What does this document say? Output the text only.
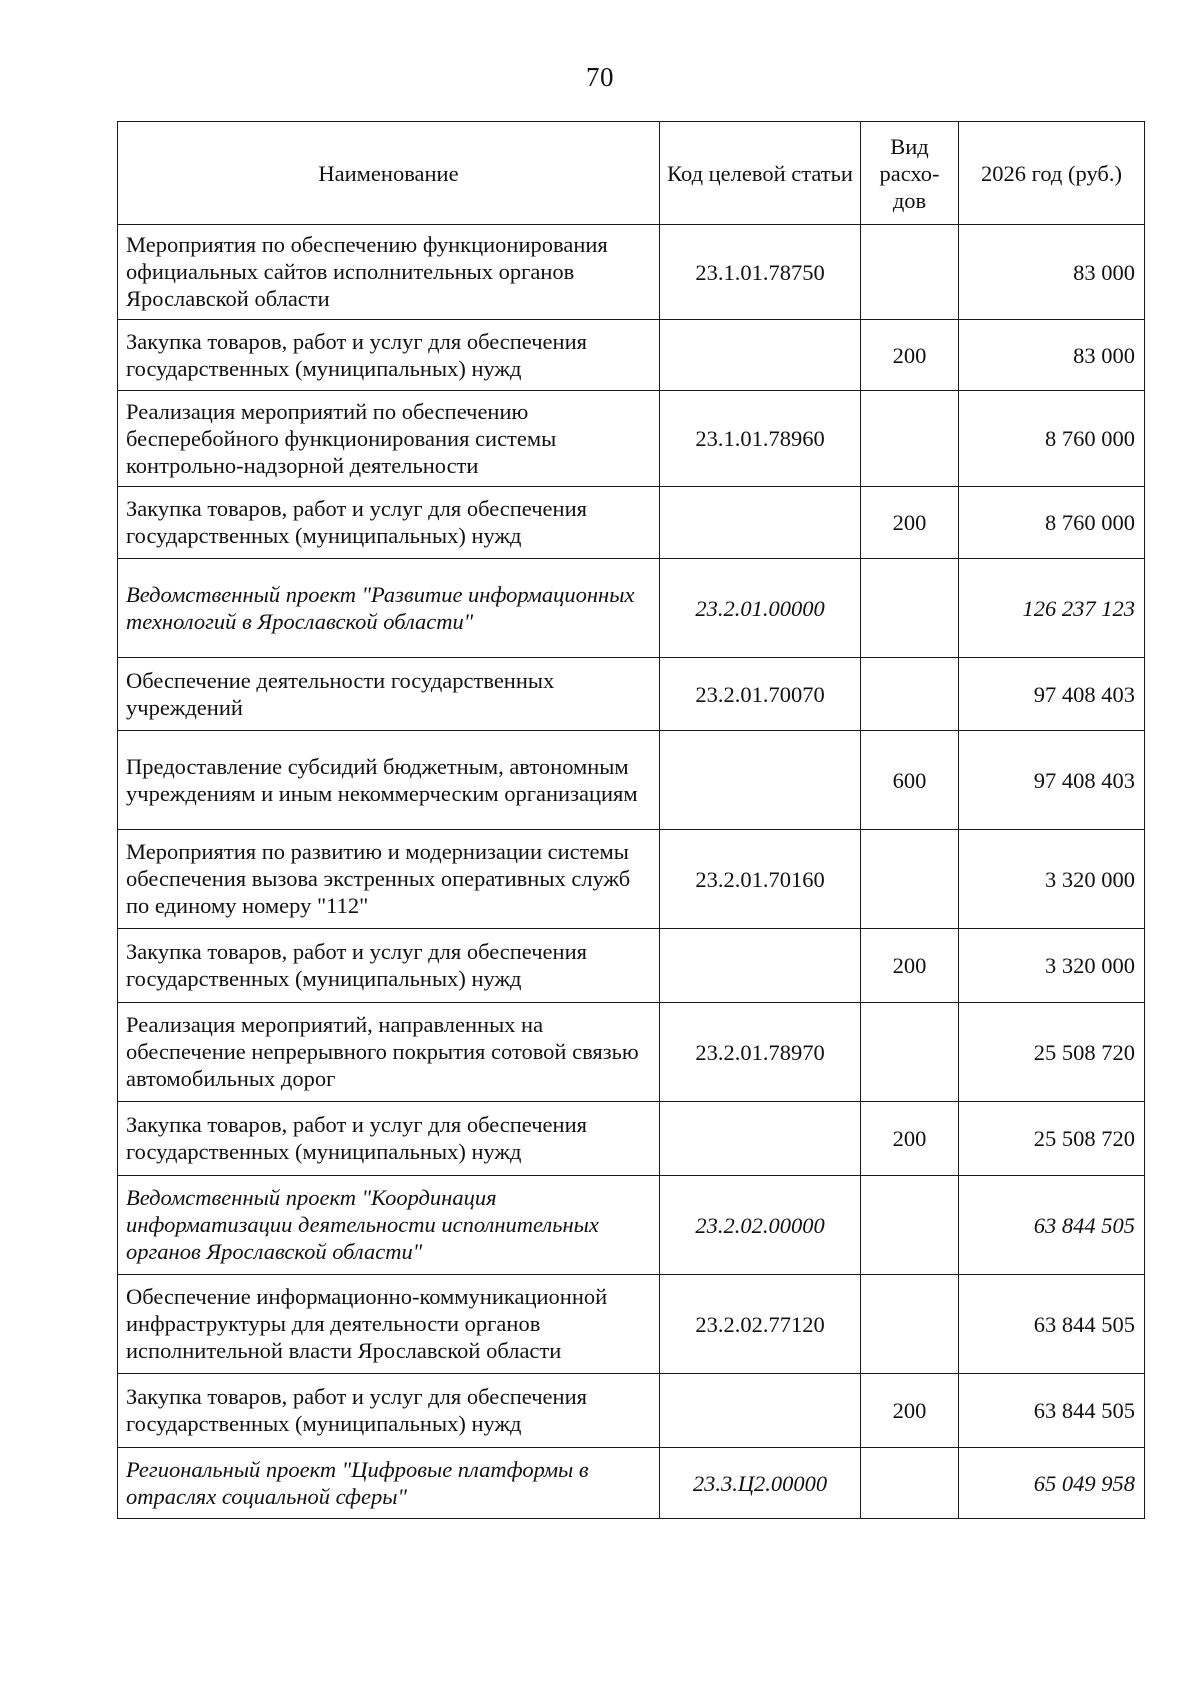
70
Наименование	Код целевой статьи	Вид расхо-дов	2026 год (руб.)
Мероприятия по обеспечению функционирования официальных сайтов исполнительных органов Ярославской области	23.1.01.78750		83 000
Закупка товаров, работ и услуг для обеспечения государственных (муниципальных) нужд		200	83 000
Реализация мероприятий по обеспечению бесперебойного функционирования системы контрольно-надзорной деятельности	23.1.01.78960		8 760 000
Закупка товаров, работ и услуг для обеспечения государственных (муниципальных) нужд		200	8 760 000
Ведомственный проект "Развитие информационных технологий в Ярославской области"	23.2.01.00000		126 237 123
Обеспечение деятельности государственных учреждений	23.2.01.70070		97 408 403
Предоставление субсидий бюджетным, автономным учреждениям и иным некоммерческим организациям		600	97 408 403
Мероприятия по развитию и модернизации системы обеспечения вызова экстренных оперативных служб по единому номеру "112"	23.2.01.70160		3 320 000
Закупка товаров, работ и услуг для обеспечения государственных (муниципальных) нужд		200	3 320 000
Реализация мероприятий, направленных на обеспечение непрерывного покрытия сотовой связью автомобильных дорог	23.2.01.78970		25 508 720
Закупка товаров, работ и услуг для обеспечения государственных (муниципальных) нужд		200	25 508 720
Ведомственный проект "Координация информатизации деятельности исполнительных органов Ярославской области"	23.2.02.00000		63 844 505
Обеспечение информационно-коммуникационной инфраструктуры для деятельности органов исполнительной власти Ярославской области	23.2.02.77120		63 844 505
Закупка товаров, работ и услуг для обеспечения государственных (муниципальных) нужд		200	63 844 505
Региональный проект "Цифровые платформы в отраслях социальной сферы"	23.3.Ц2.00000		65 049 958
